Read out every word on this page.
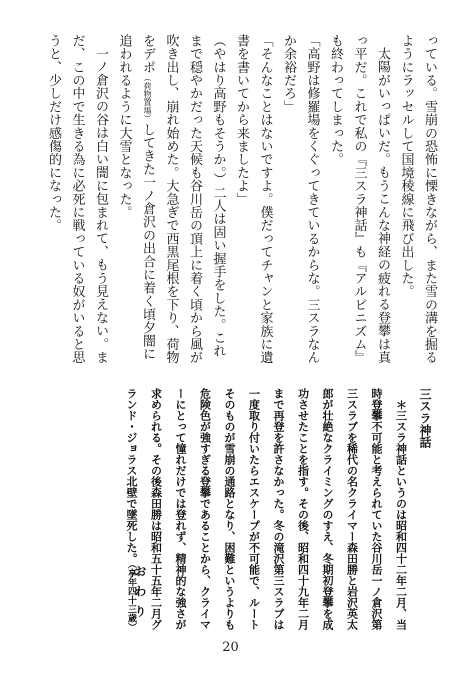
っている。雪崩の恐怖に慄きながら、また雪の溝を掘るようにラッセルして国境稜線に飛び出した。

太陽がいっぱいだ。もうこんな神経の疲れる登攀は真っ平だ。これで私の『三スラ神話』も『アルピニズム』も終わってしまった。

「高野は修羅場をくぐってきているからな。三スラなんか余裕だろ」

「そんなことはないですよ。僕だってチャンと家族に遺書を書いてから来ましたよ」

（やはり高野もそうか。）二人は固い握手をした。これまで穏やかだった天候も谷川岳の頂上に着く頃から風が吹き出し、崩れ始めた。大急ぎで西黒尾根を下り、荷物をデポ（荷物置場）してきた一ノ倉沢の出合に着く頃夕闇に追われるように大雪となった。

一ノ倉沢の谷は白い闇に包まれて、もう見えない。まだ、この中で生きる為に必死に戦っている奴がいると思うと、少しだけ感傷的になった。

三スラ神話

＊三スラ神話というのは昭和四十二年二月、当時登攀不可能と考えられていた谷川岳一ノ倉沢第三スラブを稀代の名クライマー森田勝と岩沢英太郎が壮絶なクライミングのすえ、冬期初登攀を成功させたことを指す。その後、昭和四十九年二月まで再登を許さなかった。冬の滝沢第三スラブは一度取り付いたらエスケープが不可能で、ルートそのものが雪崩の通路となり、困難というよりも危険色が強すぎる登攀であることから、クライマーにとって憧れだけでは登れず、精神的な強さが求められる。その後森田勝は昭和五十五年二月グランド・ジョラス北壁で墜死した。（享年四十三歳）

おわり
20
